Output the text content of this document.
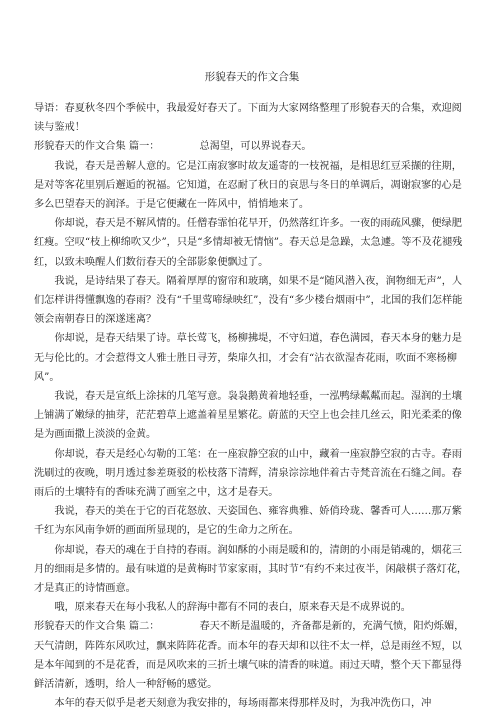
形貌春天的作文合集

导语：春夏秋冬四个季候中，我最爱好春天了。下面为大家网络整理了形貌春天的合集，欢迎阅读与鉴戒！

形貌春天的作文合集 篇一：	总渴望，可以界说春天。

我说，春天是善解人意的。它是江南寂寥时故友遥寄的一枝祝福，是相思红豆采撷的往期，是对等客花里别后邂逅的祝福。它知道，在忍耐了秋日的哀思与冬日的单调后，凋谢寂寥的心是多么巴望春天的润泽。于是它便藏在一阵风中，悄悄地来了。

你却说，春天是不解风情的。任僧春霏怕花早开，仍然落红许多。一夜的雨疏风骤，便绿肥红瘦。空叹“枝上柳绵吹又少”，只是“多情却被无情恼”。春天总是急躁，太急遽。等不及花褪残红，以致未唤醒人们数衍春天的全部影象便飘过了。

我说，是诗结果了春天。隔着厚厚的窗帘和玻璃，如果不是“随风潜入夜，润物细无声”，人们怎样讲得懂飘逸的春雨？没有“千里莺啼绿映红”，没有“多少楼台烟雨中”，北国的我们怎样能领会南朝春日的深遂迷离？

你却说，是春天结果了诗。草长莺飞，杨柳拂堤，不守妇道，春色满园，春天本身的魅力是无与伦比的。才会惹得文人雅士胜日寻芳，柴扉久扣，才会有“沾衣欲湿杏花雨，吹面不寒杨柳风”。

我说，春天是宣纸上涂抹的几笔写意。袅袅鹅黄着地轻垂，一泓鸭绿粼粼而起。湿润的土壤上铺满了嫩绿的抽芽，茫茫碧草上遮盖着星星繁花。蔚蓝的天空上也会挂几丝云，阳光柔柔的像是为画面撒上淡淡的金黄。

你却说，春天是经心勾勒的工笔：在一座寂静空寂的山中，藏着一座寂静空寂的古寺。春雨洗刷过的夜晚，明月透过参差斑驳的松枝落下清辉，清泉淙淙地伴着古寺梵音流在石缝之间。春雨后的土壤特有的香味充满了画室之中，这才是春天。

我说，春天的美在于它的百花怒放、天姿国色、雍容典雅、娇俏玲珑、馨香可人……那万紫千红为东风南争妍的画面所显现的，是它的生命力之所在。

你却说，春天的魂在于自持的春雨。润如酥的小雨是暖和的，清朗的小雨是销魂的，烟花三月的细雨是多情的。最有味道的是黄梅时节家家雨，其时节“有约不来过夜半，闲敲棋子落灯花，才是真正的诗情画意。

哦，原来春天在每小我私人的辞海中都有不同的表白，原来春天是不成界说的。

形貌春天的作文合集 篇二：	春天不断是温暖的，齐备都是新的，充满气愤，阳灼烁媚，天气清朗，阵阵东风吹过，飘来阵阵花香。而本年的春天却和以往不太一样，总是雨丝不短，以是本年闻到的不是花香，而是风吹来的三折土壤气味的清香的味道。雨过天晴，整个天下都显得鲜活清新，透明，给人一种舒畅的感觉。

本年的春天似乎是老天刻意为我安排的，每场雨都来得那样及时，为我冲洗伤口，冲
